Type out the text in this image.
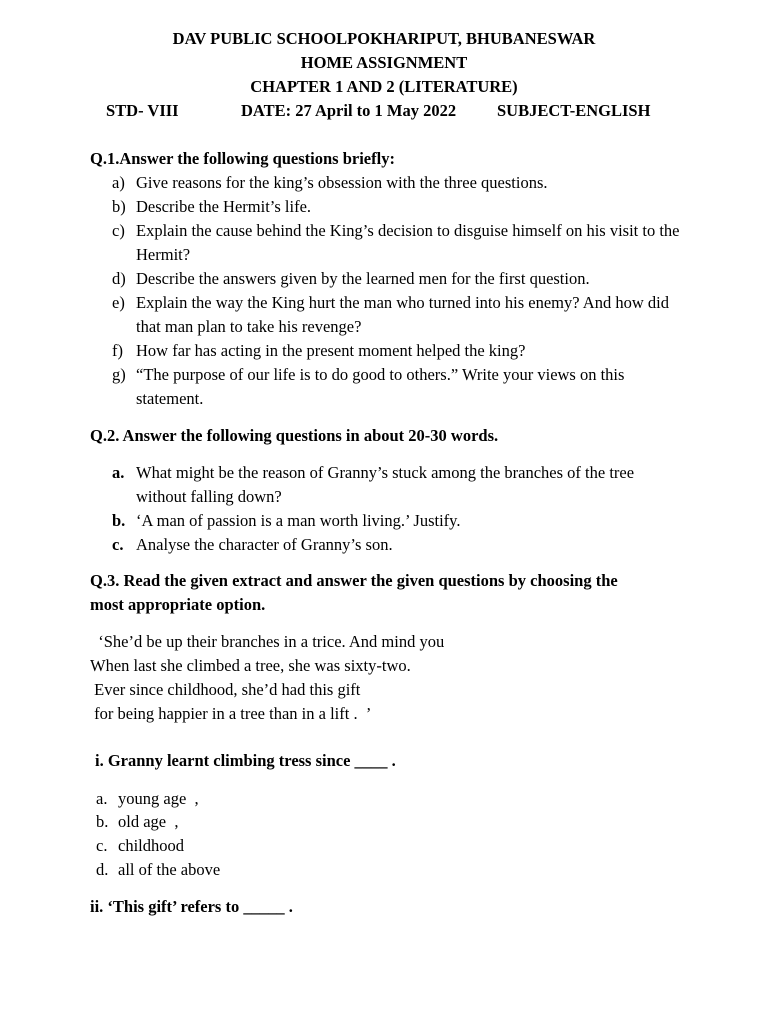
DAV PUBLIC SCHOOLPOKHARIPUT, BHUBANESWAR
HOME ASSIGNMENT
CHAPTER 1 AND 2 (LITERATURE)
STD- VIII	DATE: 27 April to 1 May 2022 SUBJECT-ENGLISH
Q.1.Answer the following questions briefly:
a) Give reasons for the king’s obsession with the three questions.
b) Describe the Hermit’s life.
c) Explain the cause behind the King’s decision to disguise himself on his visit to the Hermit?
d) Describe the answers given by the learned men for the first question.
e) Explain the way the King hurt the man who turned into his enemy? And how did that man plan to take his revenge?
f) How far has acting in the present moment helped the king?
g) “The purpose of our life is to do good to others.” Write your views on this statement.
Q.2. Answer the following questions in about 20-30 words.
a. What might be the reason of Granny’s stuck among the branches of the tree without falling down?
b. ‘A man of passion is a man worth living.’ Justify.
c. Analyse the character of Granny’s son.
Q.3. Read the given extract and answer the given questions by choosing the
most appropriate option.
‘She’d be up their branches in a trice. And mind you
When last she climbed a tree, she was sixty-two.
Ever since childhood, she’d had this gift
for being happier in a tree than in a lift .  ’
i. Granny learnt climbing tress since ____ .
a. young age  ,
b. old age  ,
c. childhood
d. all of the above
ii. ‘This gift’ refers to _____ .
